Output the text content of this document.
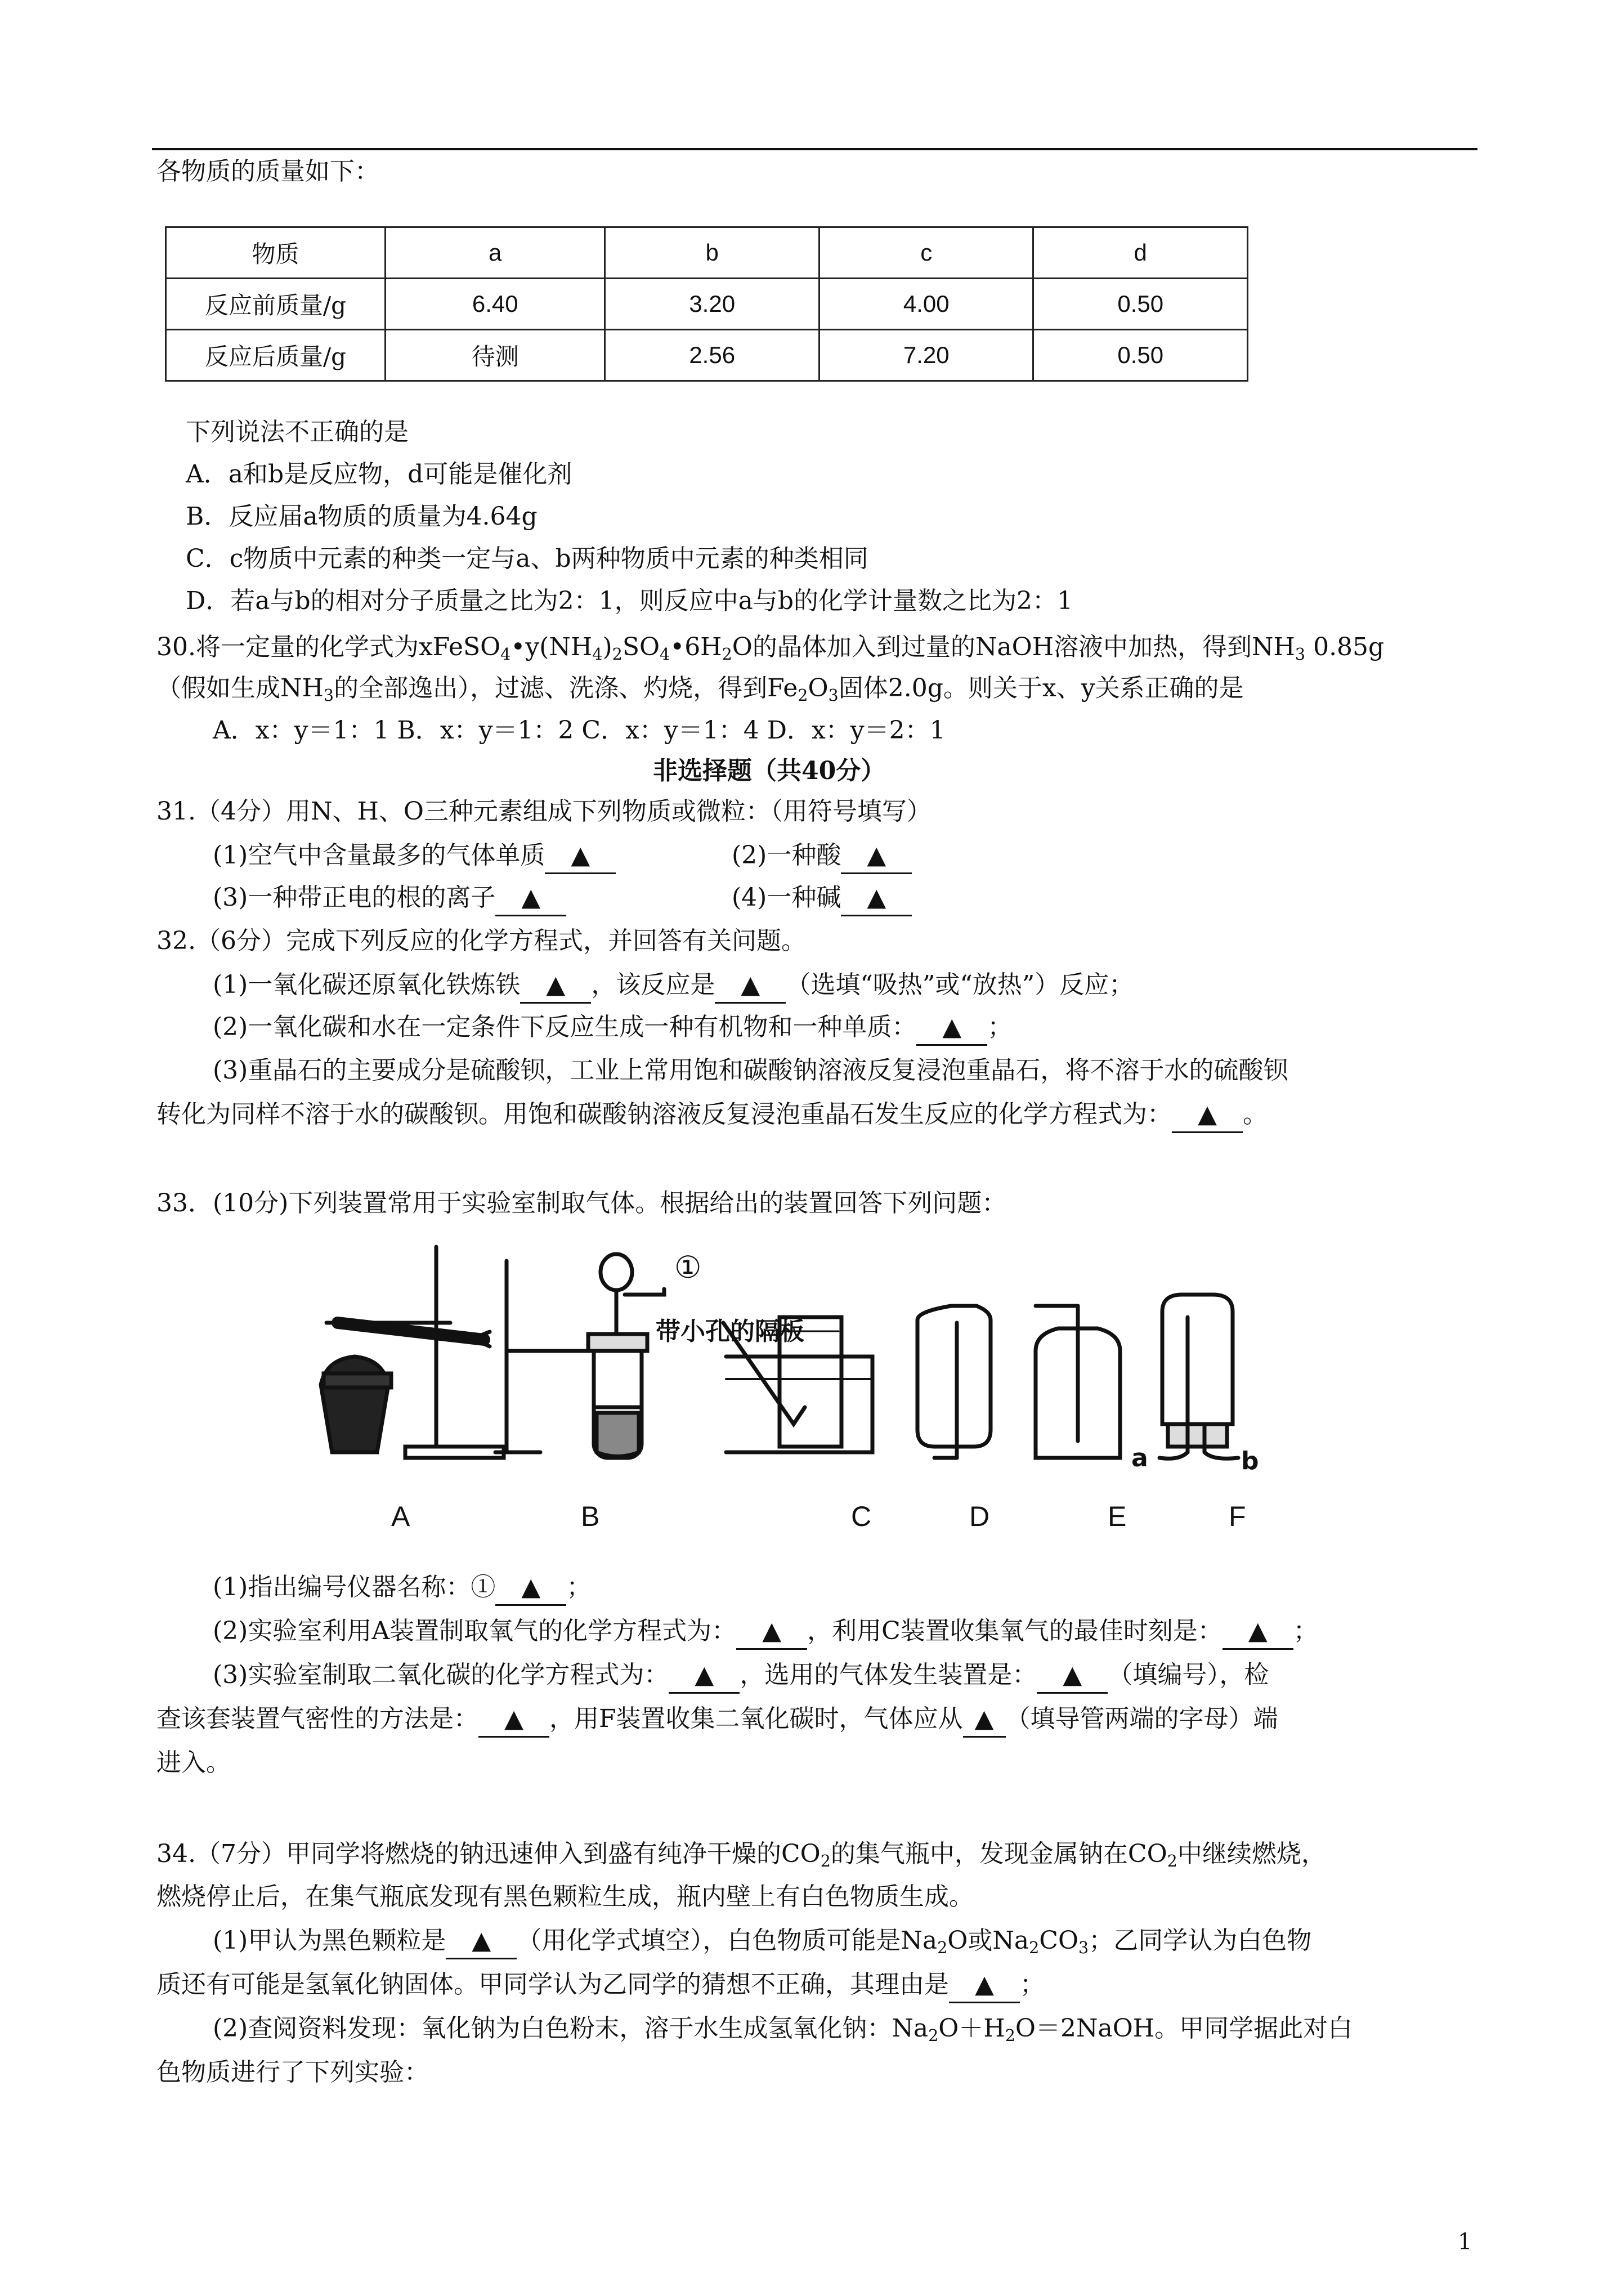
各物质的质量如下：
物质	a	b	c	d
反应前质量/g	6.40	3.20	4.00	0.50
反应后质量/g	待测	2.56	7.20	0.50
下列说法不正确的是
A．a和b是反应物，d可能是催化剂
B．反应届a物质的质量为4.64g
C．c物质中元素的种类一定与a、b两种物质中元素的种类相同
D．若a与b的相对分子质量之比为2：1，则反应中a与b的化学计量数之比为2：1
30.将一定量的化学式为$xFeSO_4•y(NH_4)_2SO_4•6H_2O$的晶体加入到过量的NaOH溶液中加热，得到$NH_3$ 0.85g
（假如生成$NH_3$的全部逸出），过滤、洗涤、灼烧，得到$Fe_2O_3$固体2.0g。则关于x、y关系正确的是
A．x：y＝1：1 B．x：y＝1：2 C．x：y＝1：4 D．x：y＝2：1
非选择题（共40分）
31.（4分）用N、H、O三种元素组成下列物质或微粒：（用符号填写）
(1)空气中含量最多的气体单质 ▲	(2)一种酸 ▲
(3)一种带正电的根的离子 ▲	(4)一种碱 ▲
32.（6分）完成下列反应的化学方程式，并回答有关问题。
(1)一氧化碳还原氧化铁炼铁 ▲ ，该反应是 ▲ （选填“吸热”或“放热”）反应；
(2)一氧化碳和水在一定条件下反应生成一种有机物和一种单质： ▲ ；
(3)重晶石的主要成分是硫酸钡，工业上常用饱和碳酸钠溶液反复浸泡重晶石，将不溶于水的硫酸钡
转化为同样不溶于水的碳酸钡。用饱和碳酸钠溶液反复浸泡重晶石发生反应的化学方程式为： ▲ 。
33．(10分)下列装置常用于实验室制取气体。根据给出的装置回答下列问题：
①
带小孔的隔板
a	b
A	B	C	D	E	F
(1)指出编号仪器名称：① ▲ ；
(2)实验室利用A装置制取氧气的化学方程式为： ▲ ，利用C装置收集氧气的最佳时刻是： ▲ ；
(3)实验室制取二氧化碳的化学方程式为： ▲ ，选用的气体发生装置是： ▲ （填编号），检
查该套装置气密性的方法是： ▲ ，用F装置收集二氧化碳时，气体应从 ▲ （填导管两端的字母）端
进入。
34.（7分）甲同学将燃烧的钠迅速伸入到盛有纯净干燥的$CO_2$的集气瓶中，发现金属钠在$CO_2$中继续燃烧，
燃烧停止后，在集气瓶底发现有黑色颗粒生成，瓶内壁上有白色物质生成。
(1)甲认为黑色颗粒是 ▲ （用化学式填空），白色物质可能是$Na_2O$或$Na_2CO_3$；乙同学认为白色物
质还有可能是氢氧化钠固体。甲同学认为乙同学的猜想不正确，其理由是 ▲ ；
(2)查阅资料发现：氧化钠为白色粉末，溶于水生成氢氧化钠：$Na_2O+H_2O=2NaOH$。甲同学据此对白
色物质进行了下列实验：
1
